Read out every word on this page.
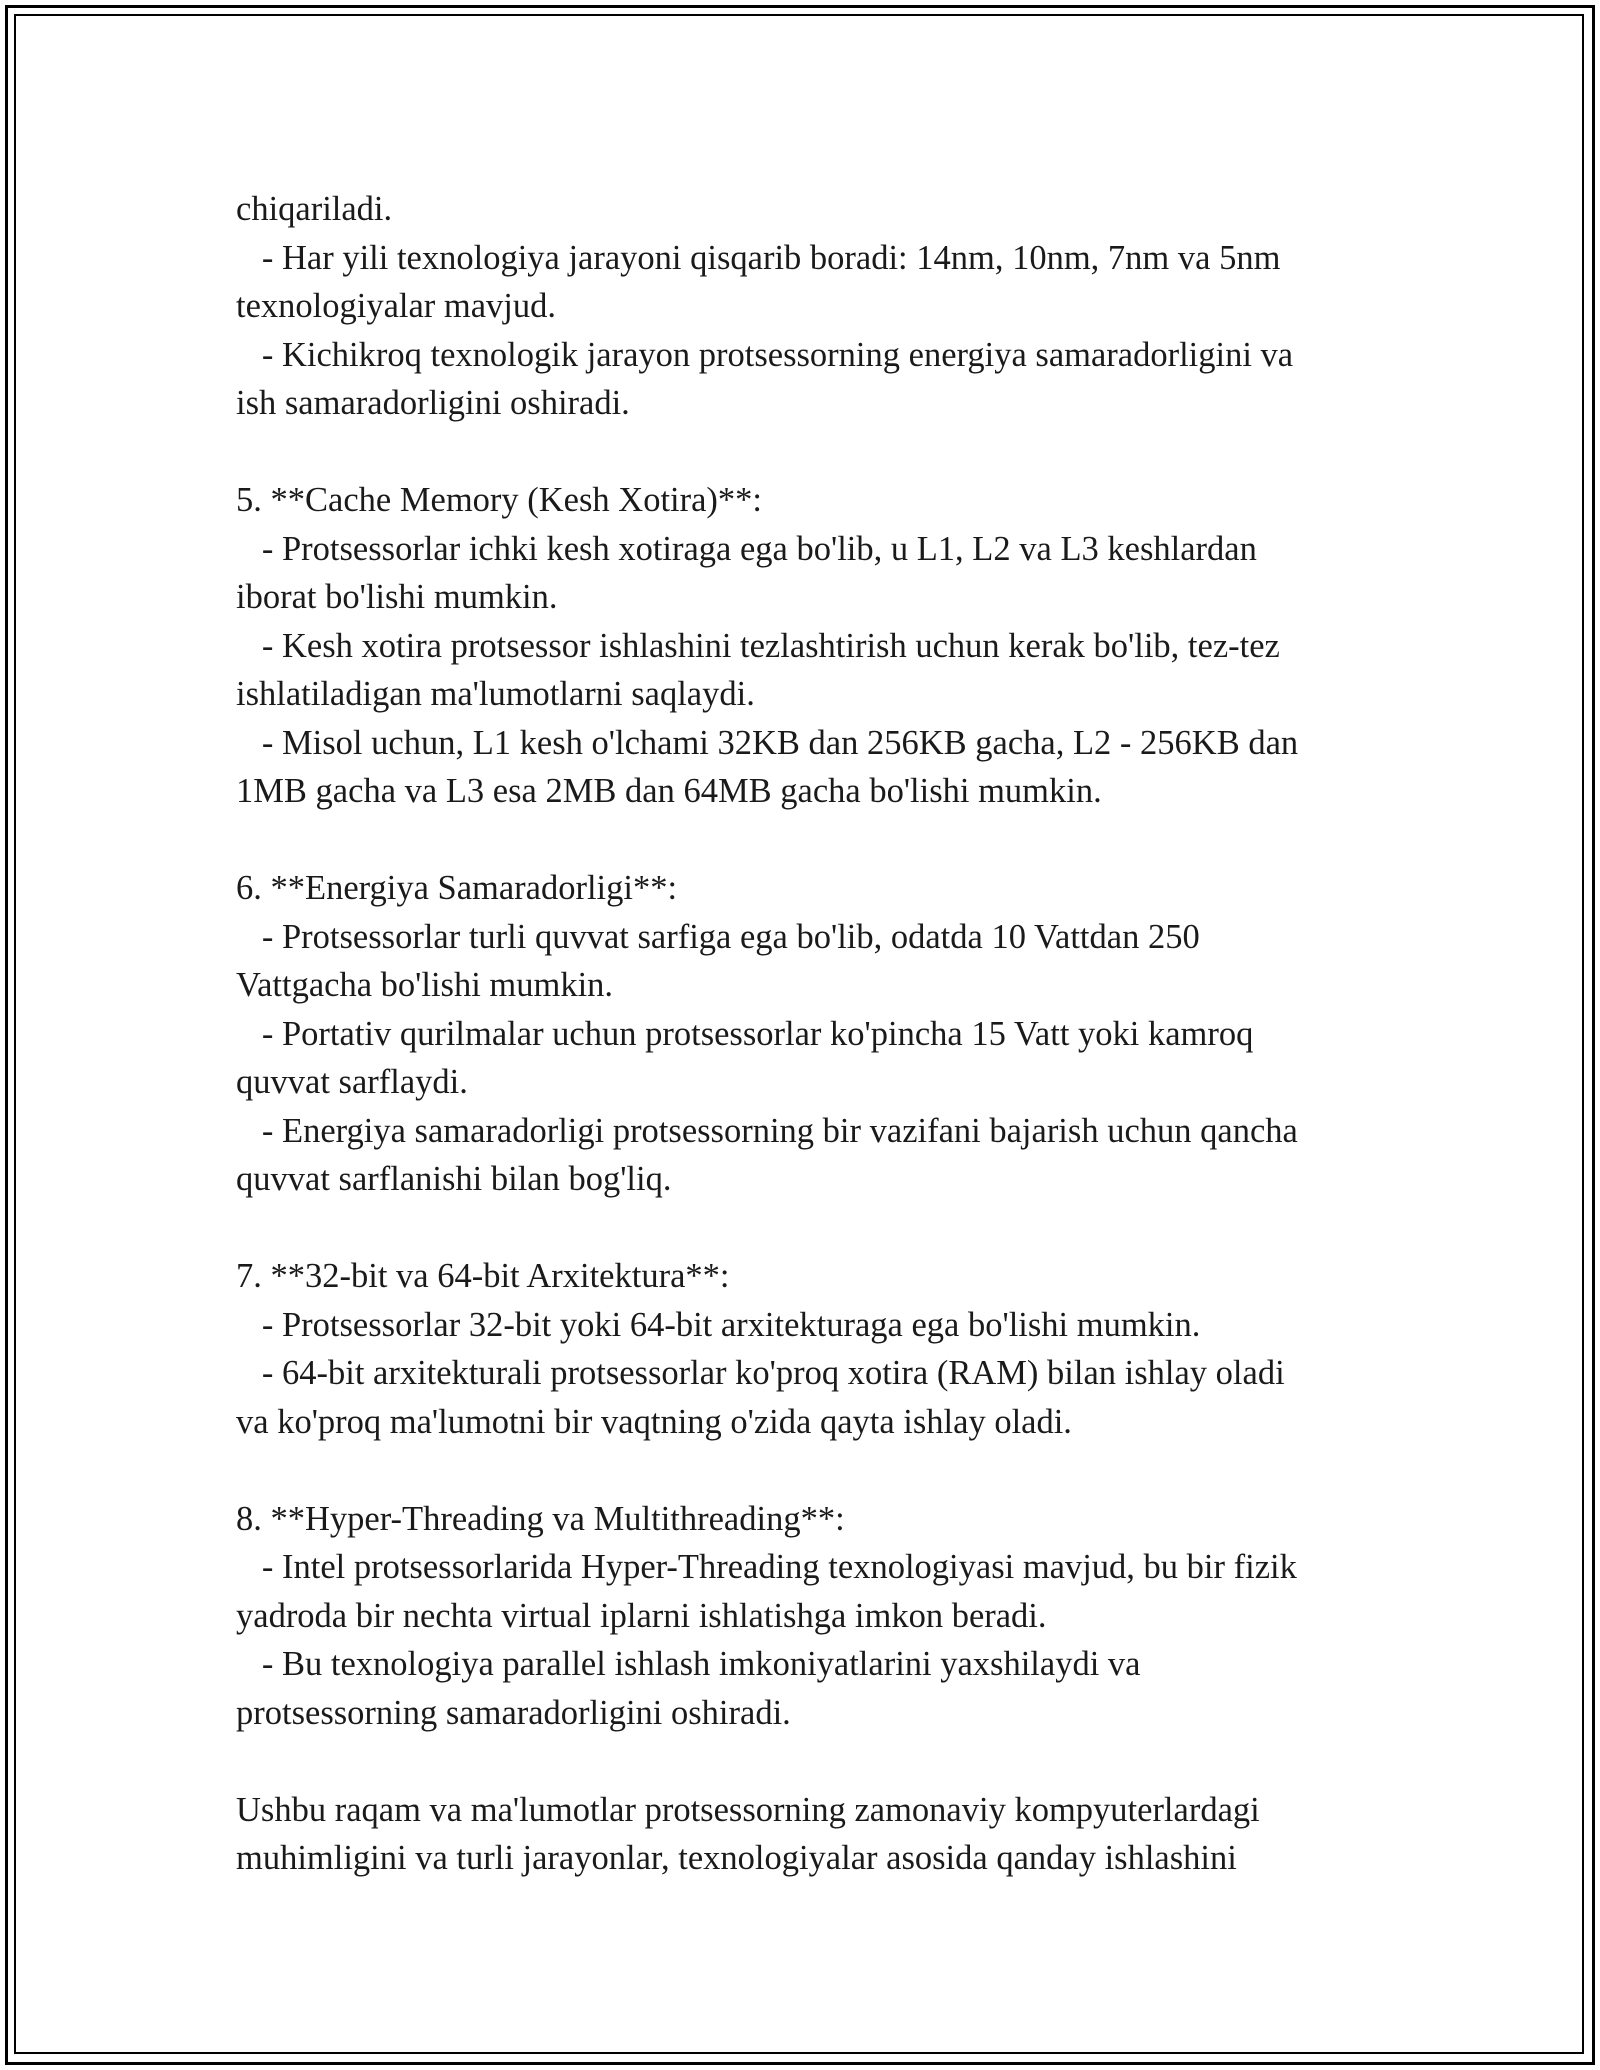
chiqariladi.
- Har yili texnologiya jarayoni qisqarib boradi: 14nm, 10nm, 7nm va 5nm
texnologiyalar mavjud.
- Kichikroq texnologik jarayon protsessorning energiya samaradorligini va
ish samaradorligini oshiradi.
5. **Cache Memory (Kesh Xotira)**:
- Protsessorlar ichki kesh xotiraga ega bo'lib, u L1, L2 va L3 keshlardan
iborat bo'lishi mumkin.
- Kesh xotira protsessor ishlashini tezlashtirish uchun kerak bo'lib, tez-tez
ishlatiladigan ma'lumotlarni saqlaydi.
- Misol uchun, L1 kesh o'lchami 32KB dan 256KB gacha, L2 - 256KB dan
1MB gacha va L3 esa 2MB dan 64MB gacha bo'lishi mumkin.
6. **Energiya Samaradorligi**:
- Protsessorlar turli quvvat sarfiga ega bo'lib, odatda 10 Vattdan 250
Vattgacha bo'lishi mumkin.
- Portativ qurilmalar uchun protsessorlar ko'pincha 15 Vatt yoki kamroq
quvvat sarflaydi.
- Energiya samaradorligi protsessorning bir vazifani bajarish uchun qancha
quvvat sarflanishi bilan bog'liq.
7. **32-bit va 64-bit Arxitektura**:
- Protsessorlar 32-bit yoki 64-bit arxitekturaga ega bo'lishi mumkin.
- 64-bit arxitekturali protsessorlar ko'proq xotira (RAM) bilan ishlay oladi
va ko'proq ma'lumotni bir vaqtning o'zida qayta ishlay oladi.
8. **Hyper-Threading va Multithreading**:
- Intel protsessorlarida Hyper-Threading texnologiyasi mavjud, bu bir fizik
yadroda bir nechta virtual iplarni ishlatishga imkon beradi.
- Bu texnologiya parallel ishlash imkoniyatlarini yaxshilaydi va
protsessorning samaradorligini oshiradi.
Ushbu raqam va ma'lumotlar protsessorning zamonaviy kompyuterlardagi
muhimligini va turli jarayonlar, texnologiyalar asosida qanday ishlashini
